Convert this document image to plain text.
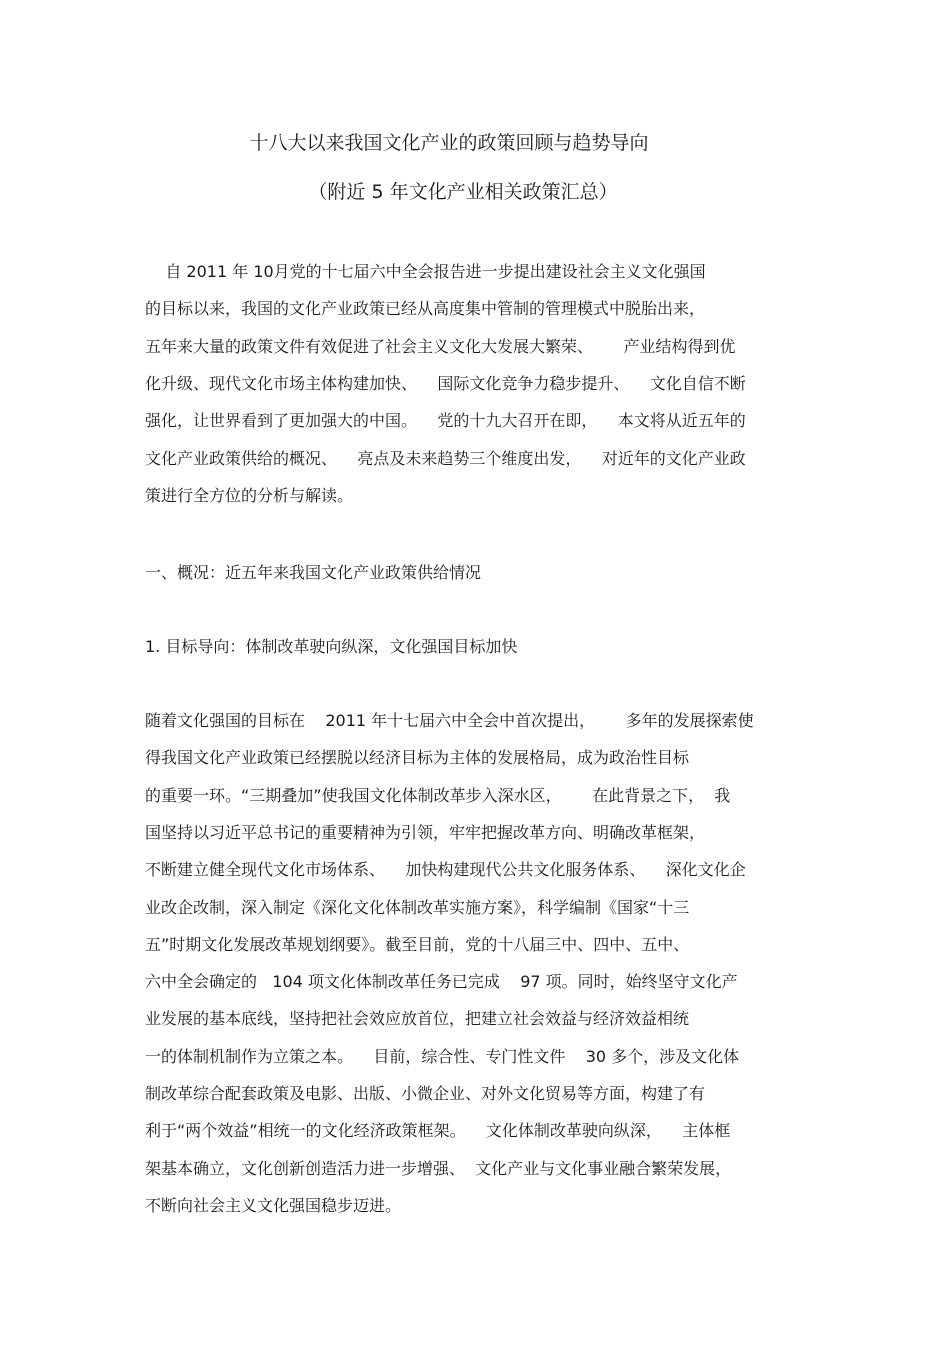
十八大以来我国文化产业的政策回顾与趋势导向
（附近 5 年文化产业相关政策汇总）
自 2011 年 10月党的十七届六中全会报告进一步提出建设社会主义文化强国
的目标以来，我国的文化产业政策已经从高度集中管制的管理模式中脱胎出来，
五年来大量的政策文件有效促进了社会主义文化大发展大繁荣、      产业结构得到优
化升级、现代文化市场主体构建加快、    国际文化竞争力稳步提升、    文化自信不断
强化，让世界看到了更加强大的中国。    党的十九大召开在即，    本文将从近五年的
文化产业政策供给的概况、    亮点及未来趋势三个维度出发，    对近年的文化产业政
策进行全方位的分析与解读。
一、概况：近五年来我国文化产业政策供给情况
1. 目标导向：体制改革驶向纵深，文化强国目标加快
随着文化强国的目标在    2011 年十七届六中全会中首次提出，      多年的发展探索使
得我国文化产业政策已经摆脱以经济目标为主体的发展格局，成为政治性目标
的重要一环。“三期叠加”使我国文化体制改革步入深水区，      在此背景之下，  我
国坚持以习近平总书记的重要精神为引领，牢牢把握改革方向、明确改革框架，
不断建立健全现代文化市场体系、    加快构建现代公共文化服务体系、    深化文化企
业改企改制，深入制定《深化文化体制改革实施方案》，科学编制《国家“十三
五”时期文化发展改革规划纲要》。截至目前，党的十八届三中、四中、五中、
六中全会确定的   104 项文化体制改革任务已完成    97 项。同时，始终坚守文化产
业发展的基本底线，坚持把社会效应放首位，把建立社会效益与经济效益相统
一的体制机制作为立策之本。    目前，综合性、专门性文件    30 多个，涉及文化体
制改革综合配套政策及电影、出版、小微企业、对外文化贸易等方面，构建了有
利于“两个效益”相统一的文化经济政策框架。    文化体制改革驶向纵深，    主体框
架基本确立，文化创新创造活力进一步增强、  文化产业与文化事业融合繁荣发展，
不断向社会主义文化强国稳步迈进。
